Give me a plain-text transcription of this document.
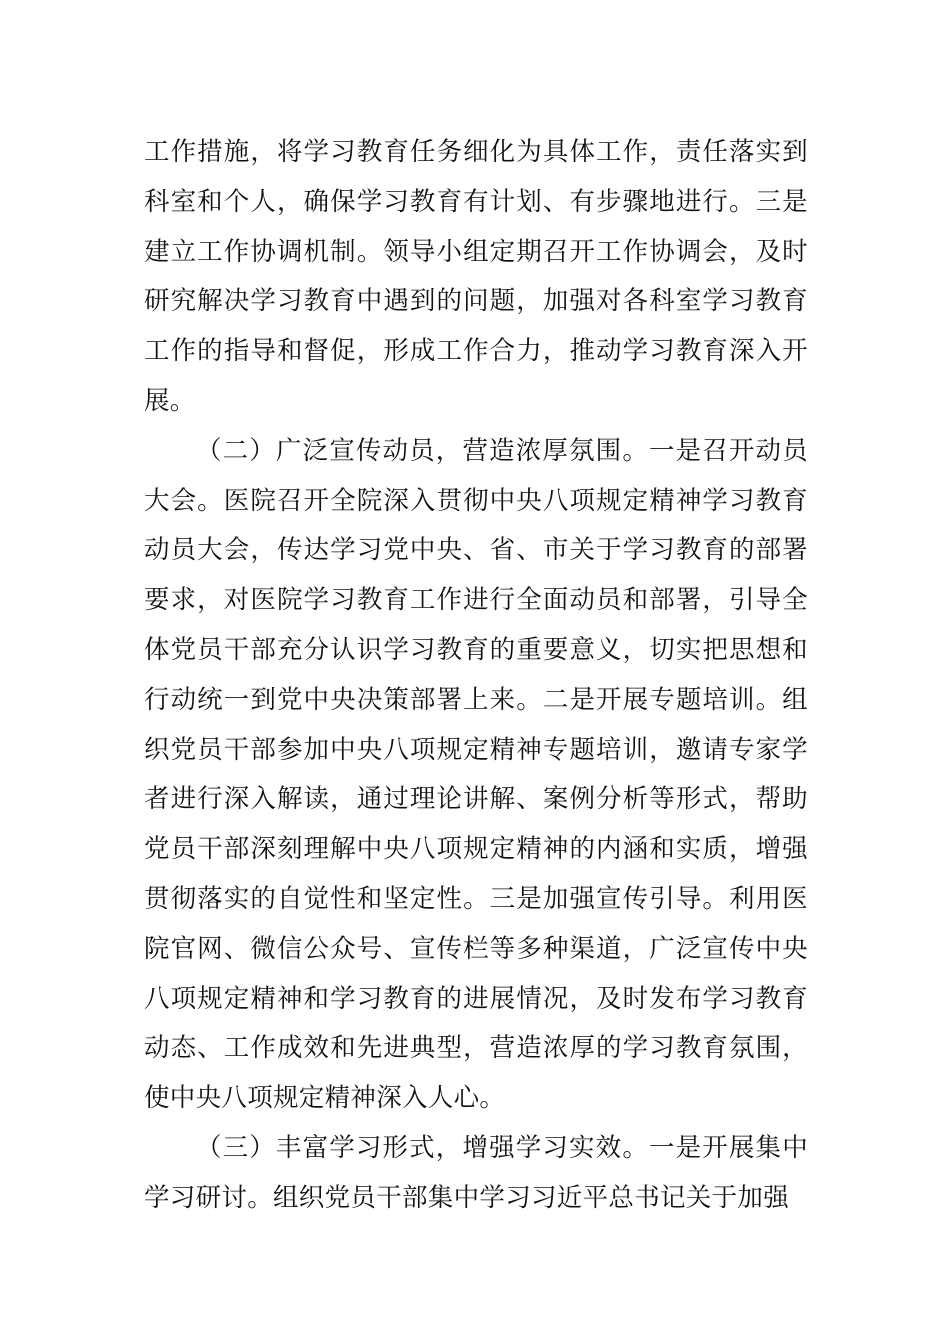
工作措施，将学习教育任务细化为具体工作，责任落实到科室和个人，确保学习教育有计划、有步骤地进行。三是建立工作协调机制。领导小组定期召开工作协调会，及时研究解决学习教育中遇到的问题，加强对各科室学习教育工作的指导和督促，形成工作合力，推动学习教育深入开展。

（二）广泛宣传动员，营造浓厚氛围。一是召开动员大会。医院召开全院深入贯彻中央八项规定精神学习教育动员大会，传达学习党中央、省、市关于学习教育的部署要求，对医院学习教育工作进行全面动员和部署，引导全体党员干部充分认识学习教育的重要意义，切实把思想和行动统一到党中央决策部署上来。二是开展专题培训。组织党员干部参加中央八项规定精神专题培训，邀请专家学者进行深入解读，通过理论讲解、案例分析等形式，帮助党员干部深刻理解中央八项规定精神的内涵和实质，增强贯彻落实的自觉性和坚定性。三是加强宣传引导。利用医院官网、微信公众号、宣传栏等多种渠道，广泛宣传中央八项规定精神和学习教育的进展情况，及时发布学习教育动态、工作成效和先进典型，营造浓厚的学习教育氛围，使中央八项规定精神深入人心。

（三）丰富学习形式，增强学习实效。一是开展集中学习研讨。组织党员干部集中学习习近平总书记关于加强
